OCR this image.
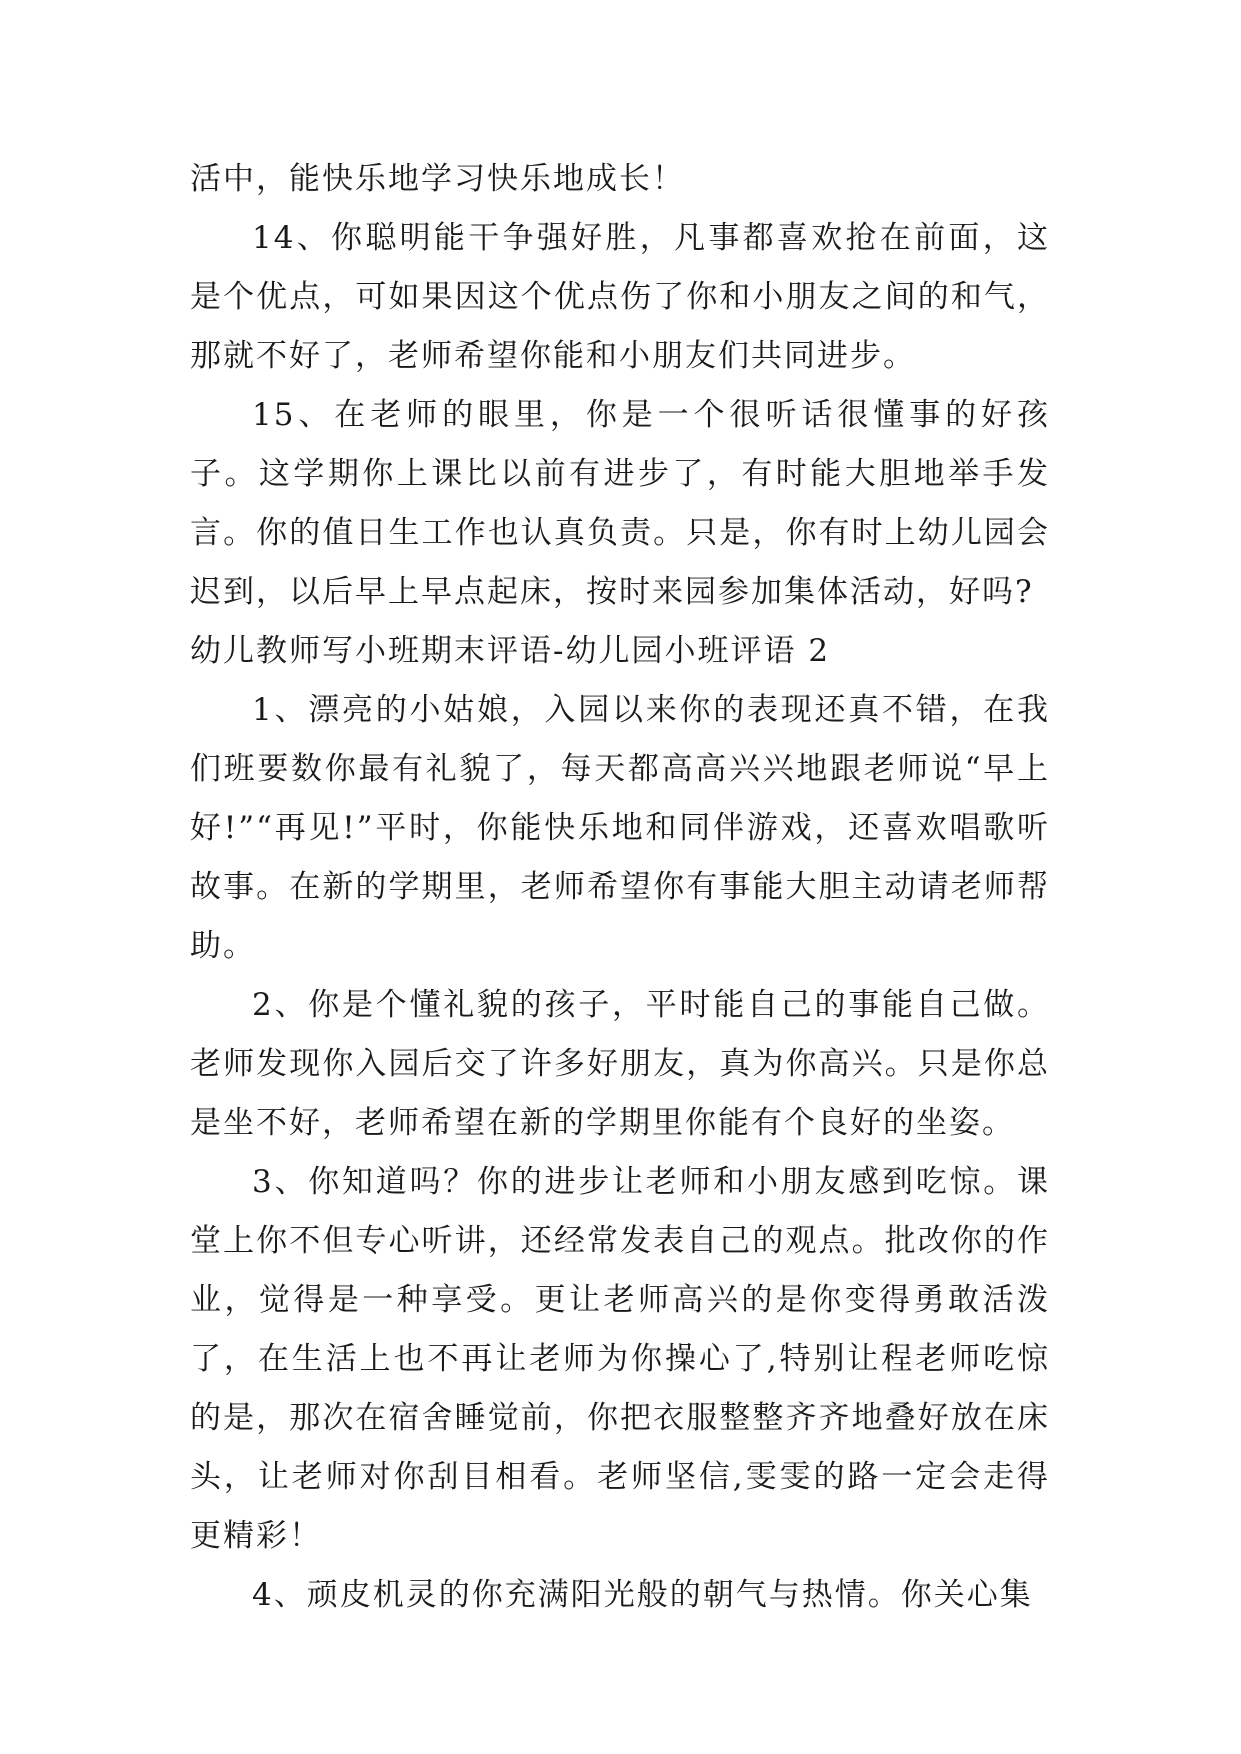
活中，能快乐地学习快乐地成长！

14、你聪明能干争强好胜，凡事都喜欢抢在前面，这是个优点，可如果因这个优点伤了你和小朋友之间的和气，那就不好了，老师希望你能和小朋友们共同进步。

15、在老师的眼里，你是一个很听话很懂事的好孩子。这学期你上课比以前有进步了，有时能大胆地举手发言。你的值日生工作也认真负责。只是，你有时上幼儿园会迟到，以后早上早点起床，按时来园参加集体活动，好吗?

幼儿教师写小班期末评语-幼儿园小班评语 2

1、漂亮的小姑娘，入园以来你的表现还真不错，在我们班要数你最有礼貌了，每天都高高兴兴地跟老师说“早上好!”“再见!”平时，你能快乐地和同伴游戏，还喜欢唱歌听故事。在新的学期里，老师希望你有事能大胆主动请老师帮助。

2、你是个懂礼貌的孩子，平时能自己的事能自己做。老师发现你入园后交了许多好朋友，真为你高兴。只是你总是坐不好，老师希望在新的学期里你能有个良好的坐姿。

3、你知道吗？你的进步让老师和小朋友感到吃惊。课堂上你不但专心听讲，还经常发表自己的观点。批改你的作业，觉得是一种享受。更让老师高兴的是你变得勇敢活泼了，在生活上也不再让老师为你操心了,特别让程老师吃惊的是，那次在宿舍睡觉前，你把衣服整整齐齐地叠好放在床头，让老师对你刮目相看。老师坚信,雯雯的路一定会走得更精彩！

4、顽皮机灵的你充满阳光般的朝气与热情。你关心集
